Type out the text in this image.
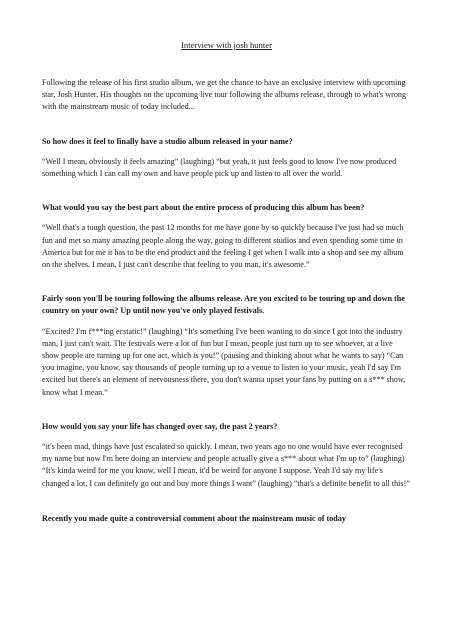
Interview with josh hunter

Following the release of his first studio album, we get the chance to have an exclusive interview with upcoming star, Josh Hunter. His thoughts on the upcoming live tour following the albums release, through to what's wrong with the mainstream music of today included...

So how does it feel to finally have a studio album released in your name?

“Well I mean, obviously it feels amazing” (laughing) “but yeah, it just feels good to know I've now produced something which I can call my own and have people pick up and listen to all over the world.

What would you say the best part about the entire process of producing this album has been?

“Well that's a tough question, the past 12 months for me have gone by so quickly because I've just had so much fun and met so many amazing people along the way, going to different studios and even spending some time in America but for me it has to be the end product and the feeling I get when I walk into a shop and see my album on the shelves. I mean, I just can't describe that feeling to you man, it's awesome.”

Fairly soon you'll be touring following the albums release. Are you excited to be touring up and down the country on your own? Up until now you've only played festivals.

“Excited? I'm f***ing ecstatic!” (laughing) “It's something I've been wanting to do since I got into the industry man, I just can't wait. The festivals were a lot of fun but I mean, people just turn up to see whoever, at a live show people are turning up for one act, which is you!” (pausing and thinking about what he wants to say) “Can you imagine, you know, say thousands of people turning up to a venue to listen to your music, yeah I'd say I'm excited but there's an element of nervousness there, you don't wanna upset your fans by putting on a s*** show, know what I mean.”

How would you say your life has changed over say, the past 2 years?

“it's been mad, things have just escalated so quickly. I mean, two years ago no one would have ever recognised my name but now I'm here doing an interview and people actually give a s*** about what I'm up to” (laughing) “It's kinda weird for me you know, well I mean, it'd be weird for anyone I suppose. Yeah I'd say my life's changed a lot, I can definitely go out and buy more things I want” (laughing) “that's a definite benefit to all this!”

Recently you made quite a controversial comment about the mainstream music of today
